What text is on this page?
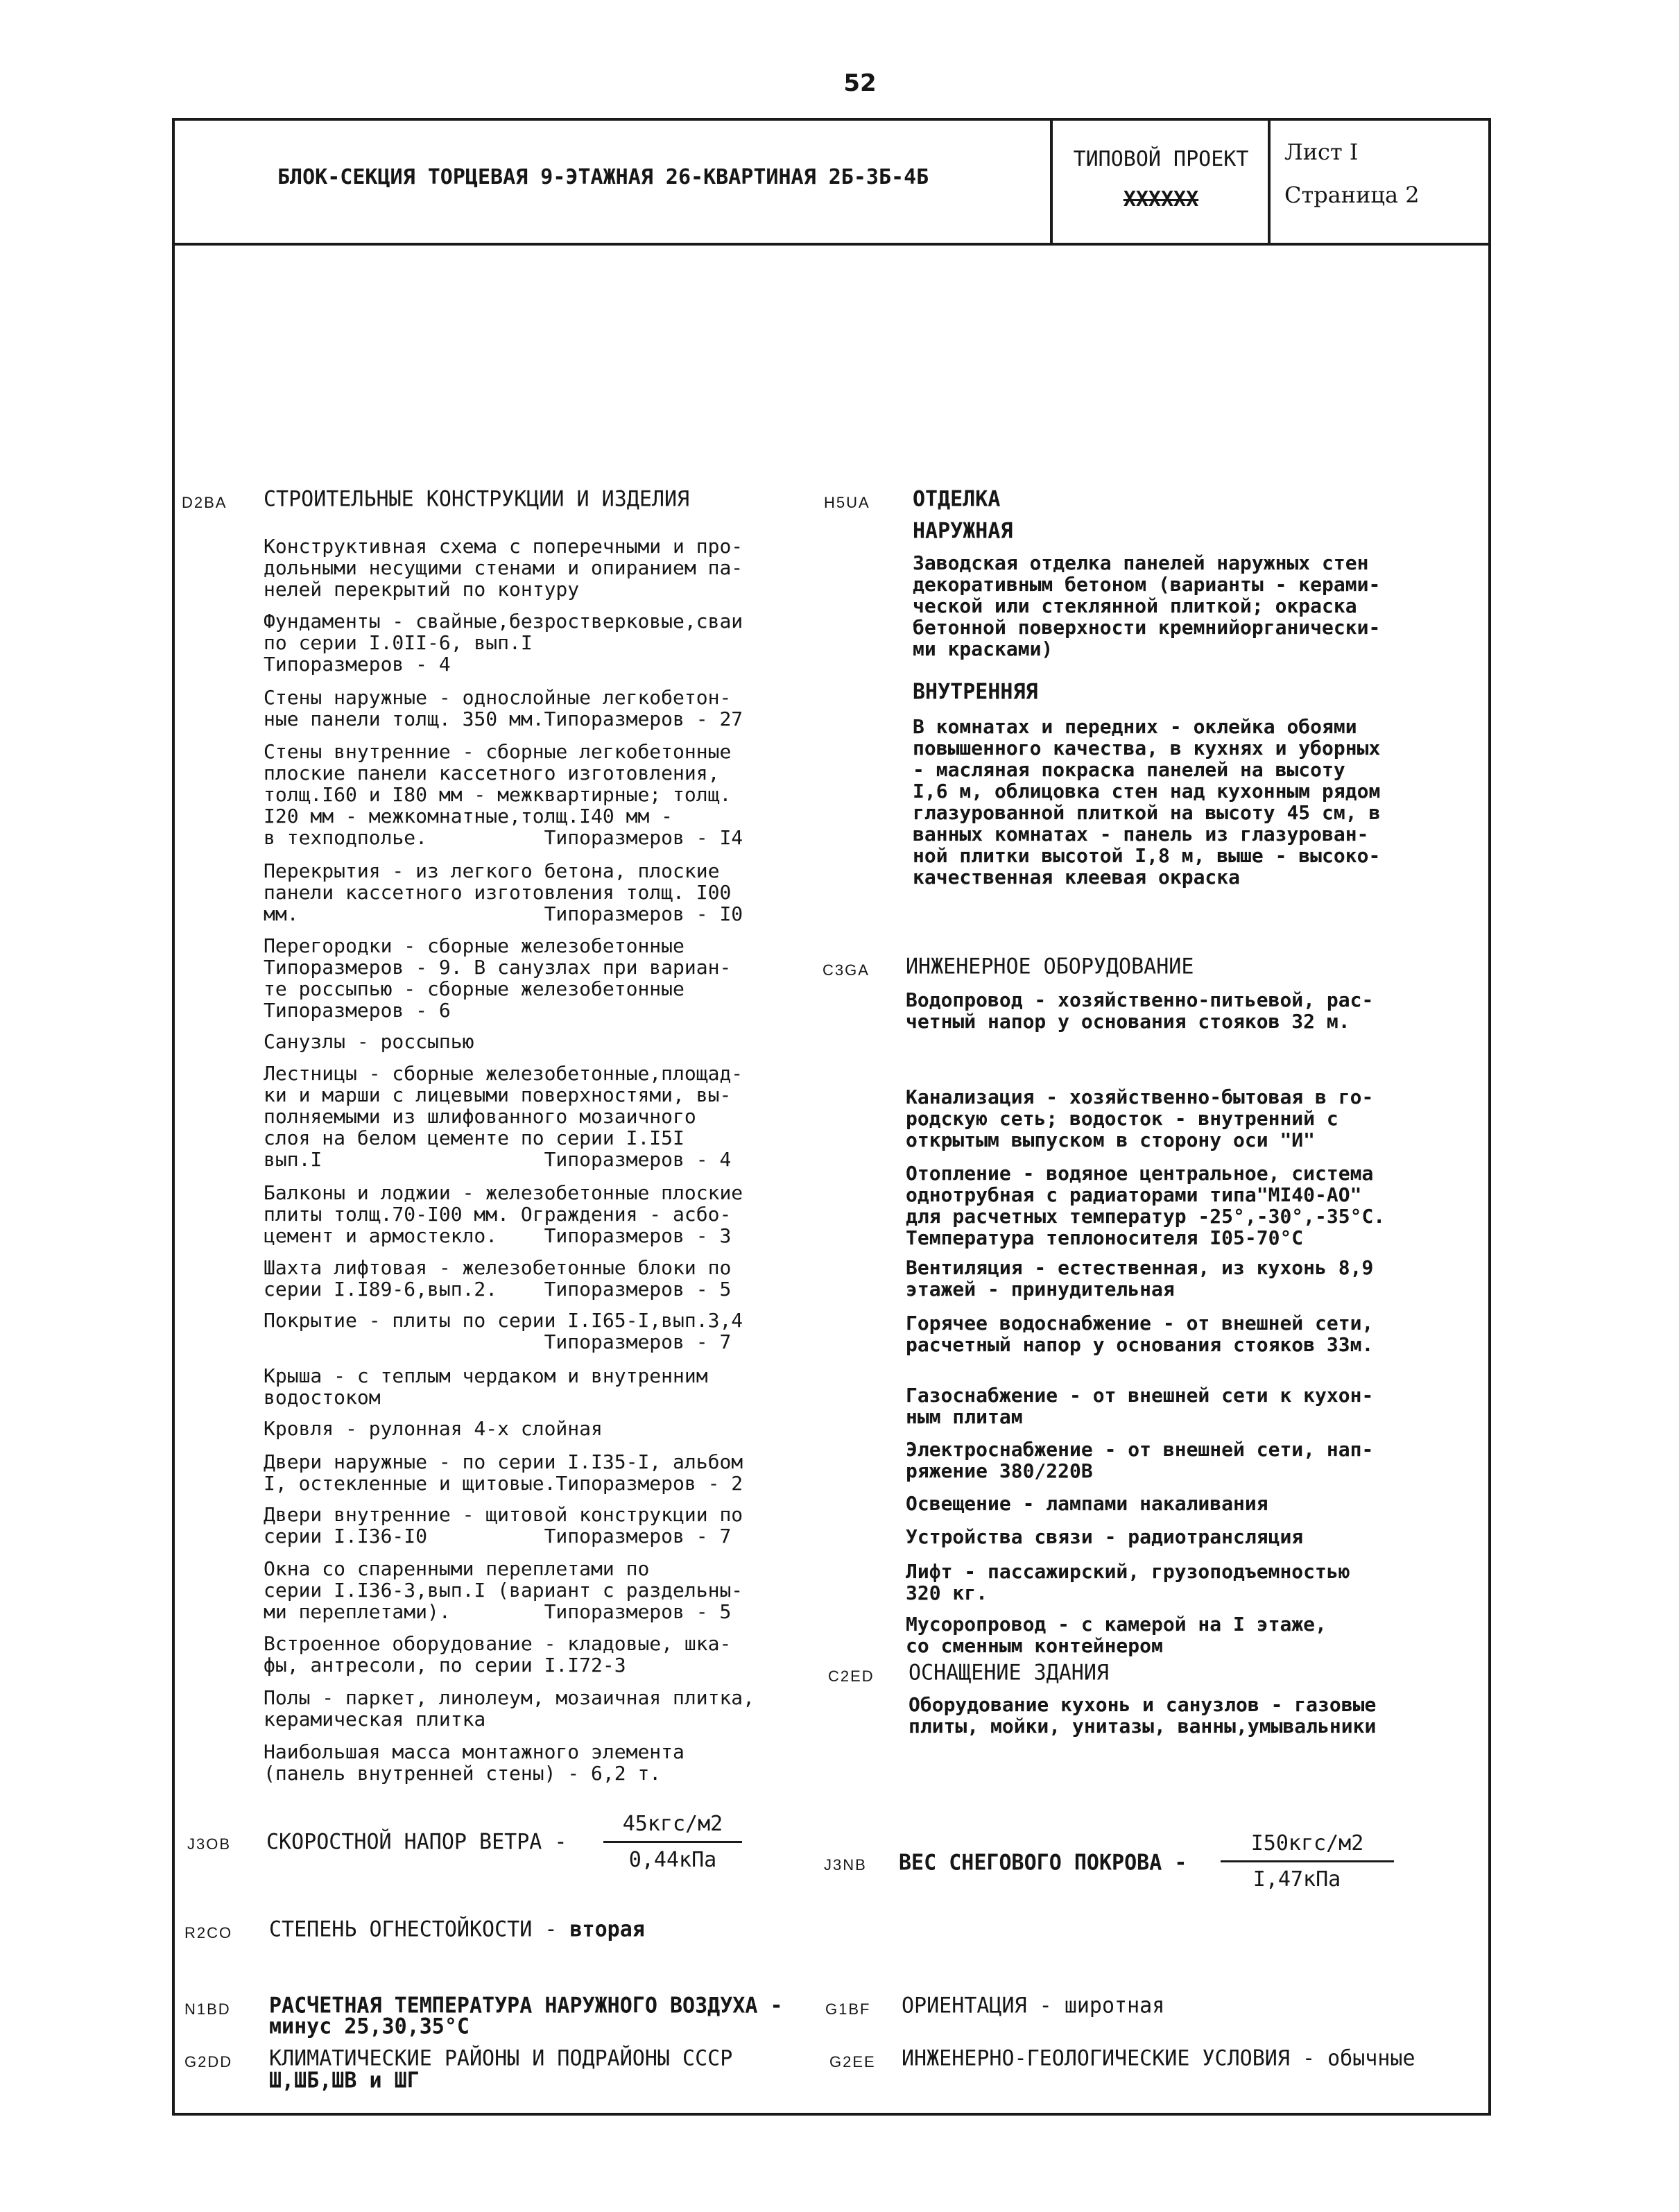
52
БЛОК-СЕКЦИЯ ТОРЦЕВАЯ 9-ЭТАЖНАЯ 26-КВАРТИНАЯ 2Б-3Б-4Б
ТИПОВОЙ ПРОЕКТ
XXXXXX
Лист I
Страница 2
D2BA СТРОИТЕЛЬНЫЕ КОНСТРУКЦИИ И ИЗДЕЛИЯ
Конструктивная схема с поперечными и про-
дольными несущими стенами и опиранием па-
нелей перекрытий по контуру
Фундаменты - свайные,безростверковые,сваи
по серии I.0II-6, вып.I
Типоразмеров - 4
Стены наружные - однослойные легкобетон-
ные панели толщ. 350 мм.Типоразмеров - 27
Стены внутренние - сборные легкобетонные
плоские панели кассетного изготовления,
толщ.I60 и I80 мм - межквартирные; толщ.
I20 мм - межкомнатные,толщ.I40 мм -
в техподполье.          Типоразмеров - I4
Перекрытия - из легкого бетона, плоские
панели кассетного изготовления толщ. I00
мм.                     Типоразмеров - I0
Перегородки - сборные железобетонные
Типоразмеров - 9. В санузлах при вариан-
те россыпью - сборные железобетонные
Типоразмеров - 6
Санузлы - россыпью
Лестницы - сборные железобетонные,площад-
ки и марши с лицевыми поверхностями, вы-
полняемыми из шлифованного мозаичного
слоя на белом цементе по серии I.I5I
вып.I                   Типоразмеров - 4
Балконы и лоджии - железобетонные плоские
плиты толщ.70-I00 мм. Ограждения - асбо-
цемент и армостекло.    Типоразмеров - 3
Шахта лифтовая - железобетонные блоки по
серии I.I89-6,вып.2.    Типоразмеров - 5
Покрытие - плиты по серии I.I65-I,вып.3,4
Типоразмеров - 7
Крыша - с теплым чердаком и внутренним
водостоком
Кровля - рулонная 4-х слойная
Двери наружные - по серии I.I35-I, альбом
I, остекленные и щитовые.Типоразмеров - 2
Двери внутренние - щитовой конструкции по
серии I.I36-I0          Типоразмеров - 7
Окна со спаренными переплетами по
серии I.I36-3,вып.I (вариант с раздельны-
ми переплетами).        Типоразмеров - 5
Встроенное оборудование - кладовые, шка-
фы, антресоли, по серии I.I72-3
Полы - паркет, линолеум, мозаичная плитка,
керамическая плитка
Наибольшая масса монтажного элемента
(панель внутренней стены) - 6,2 т.
H5UA ОТДЕЛКА
НАРУЖНАЯ
Заводская отделка панелей наружных стен
декоративным бетоном (варианты - керами-
ческой или стеклянной плиткой; окраска
бетонной поверхности кремнийорганически-
ми красками)
ВНУТРЕННЯЯ
В комнатах и передних - оклейка обоями
повышенного качества, в кухнях и уборных
- масляная покраска панелей на высоту
I,6 м, облицовка стен над кухонным рядом
глазурованной плиткой на высоту 45 см, в
ванных комнатах - панель из глазурован-
ной плитки высотой I,8 м, выше - высоко-
качественная клеевая окраска
C3GA ИНЖЕНЕРНОЕ ОБОРУДОВАНИЕ
Водопровод - хозяйственно-питьевой, рас-
четный напор у основания стояков 32 м.
Канализация - хозяйственно-бытовая в го-
родскую сеть; водосток - внутренний с
открытым выпуском в сторону оси "И"
Отопление - водяное центральное, система
однотрубная с радиаторами типа"МI40-АО"
для расчетных температур -25°,-30°,-35°С.
Температура теплоносителя I05-70°С
Вентиляция - естественная, из кухонь 8,9
этажей - принудительная
Горячее водоснабжение - от внешней сети,
расчетный напор у основания стояков 33м.
Газоснабжение - от внешней сети к кухон-
ным плитам
Электроснабжение - от внешней сети, нап-
ряжение 380/220В
Освещение - лампами накаливания
Устройства связи - радиотрансляция
Лифт - пассажирский, грузоподъемностью
320 кг.
Мусоропровод - с камерой на I этаже,
со сменным контейнером
C2ED ОСНАЩЕНИЕ ЗДАНИЯ
Оборудование кухонь и санузлов - газовые
плиты, мойки, унитазы, ванны,умывальники
J3OB СКОРОСТНОЙ НАПОР ВЕТРА -
45кгс/м2
0,44кПа	J3NB ВЕС СНЕГОВОГО ПОКРОВА -
I50кгс/м2
I,47кПа
R2CO СТЕПЕНЬ ОГНЕСТОЙКОСТИ - вторая
N1BD РАСЧЕТНАЯ ТЕМПЕРАТУРА НАРУЖНОГО ВОЗДУХА -
минус 25,30,35°С
G1BF ОРИЕНТАЦИЯ - широтная
G2DD КЛИМАТИЧЕСКИЕ РАЙОНЫ И ПОДРАЙОНЫ СССР
Ш,ШБ,ШВ и ШГ
G2EE ИНЖЕНЕРНО-ГЕОЛОГИЧЕСКИЕ УСЛОВИЯ - обычные
